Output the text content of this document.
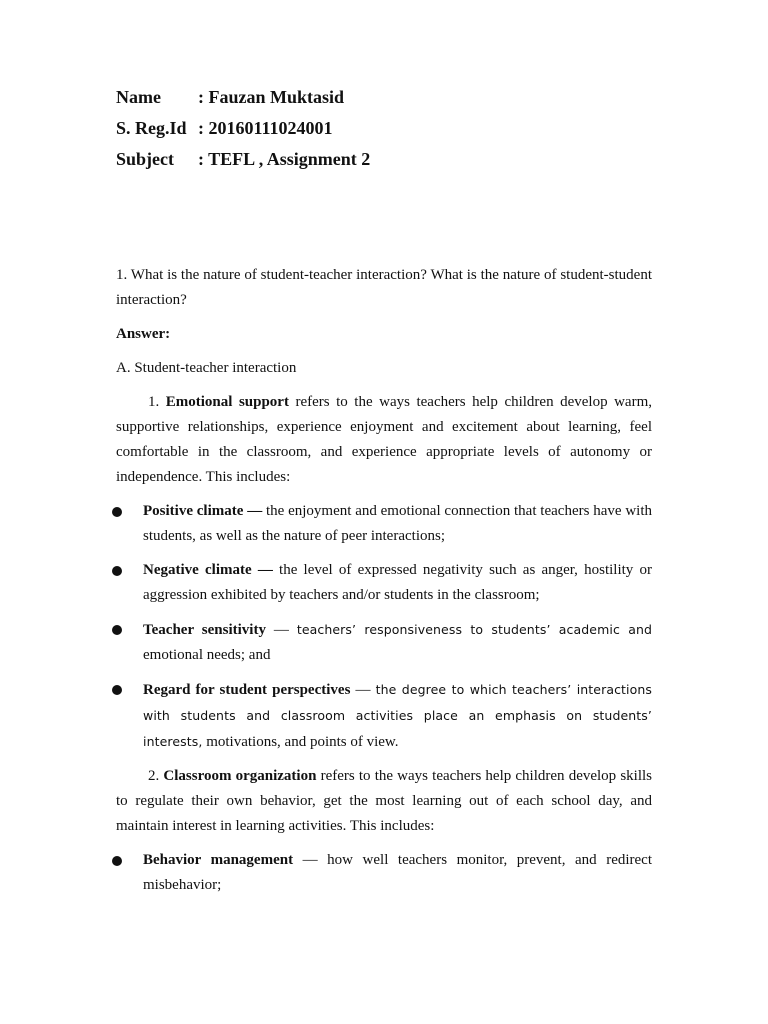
Name	: Fauzan Muktasid
S. Reg.Id : 20160111024001
Subject	: TEFL , Assignment 2

1. What is the nature of student-teacher interaction? What is the nature of student-student interaction?

Answer:

A. Student-teacher interaction

1. Emotional support refers to the ways teachers help children develop warm, supportive relationships, experience enjoyment and excitement about learning, feel comfortable in the classroom, and experience appropriate levels of autonomy or independence. This includes:

Positive climate — the enjoyment and emotional connection that teachers have with students, as well as the nature of peer interactions;

Negative climate — the level of expressed negativity such as anger, hostility or aggression exhibited by teachers and/or students in the classroom;

Teacher sensitivity — teachers’ responsiveness to students’ academic and emotional needs; and

Regard for student perspectives — the degree to which teachers’ interactions with students and classroom activities place an emphasis on students’ interests, motivations, and points of view.

2. Classroom organization refers to the ways teachers help children develop skills to regulate their own behavior, get the most learning out of each school day, and maintain interest in learning activities. This includes:

Behavior management — how well teachers monitor, prevent, and redirect misbehavior;
